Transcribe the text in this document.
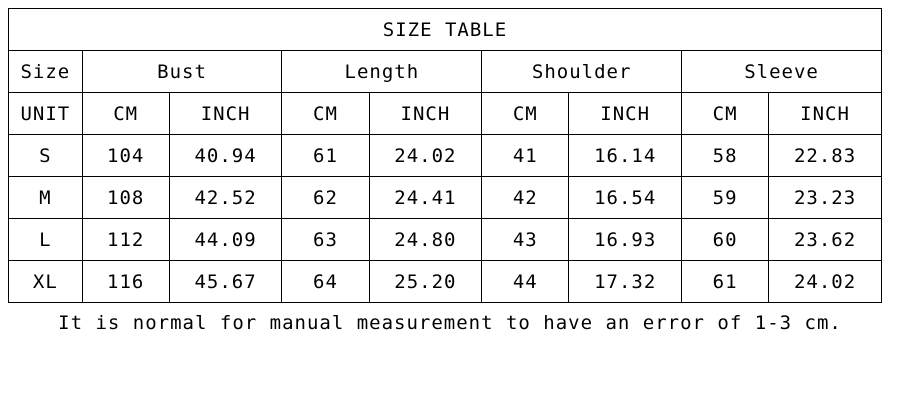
SIZE TABLE								
Size	Bust		Length		Shoulder		Sleeve	
UNIT	CM	INCH	CM	INCH	CM	INCH	CM	INCH
S	104	40.94	61	24.02	41	16.14	58	22.83
M	108	42.52	62	24.41	42	16.54	59	23.23
L	112	44.09	63	24.80	43	16.93	60	23.62
XL	116	45.67	64	25.20	44	17.32	61	24.02

It is normal for manual measurement to have an error of 1-3 cm.
